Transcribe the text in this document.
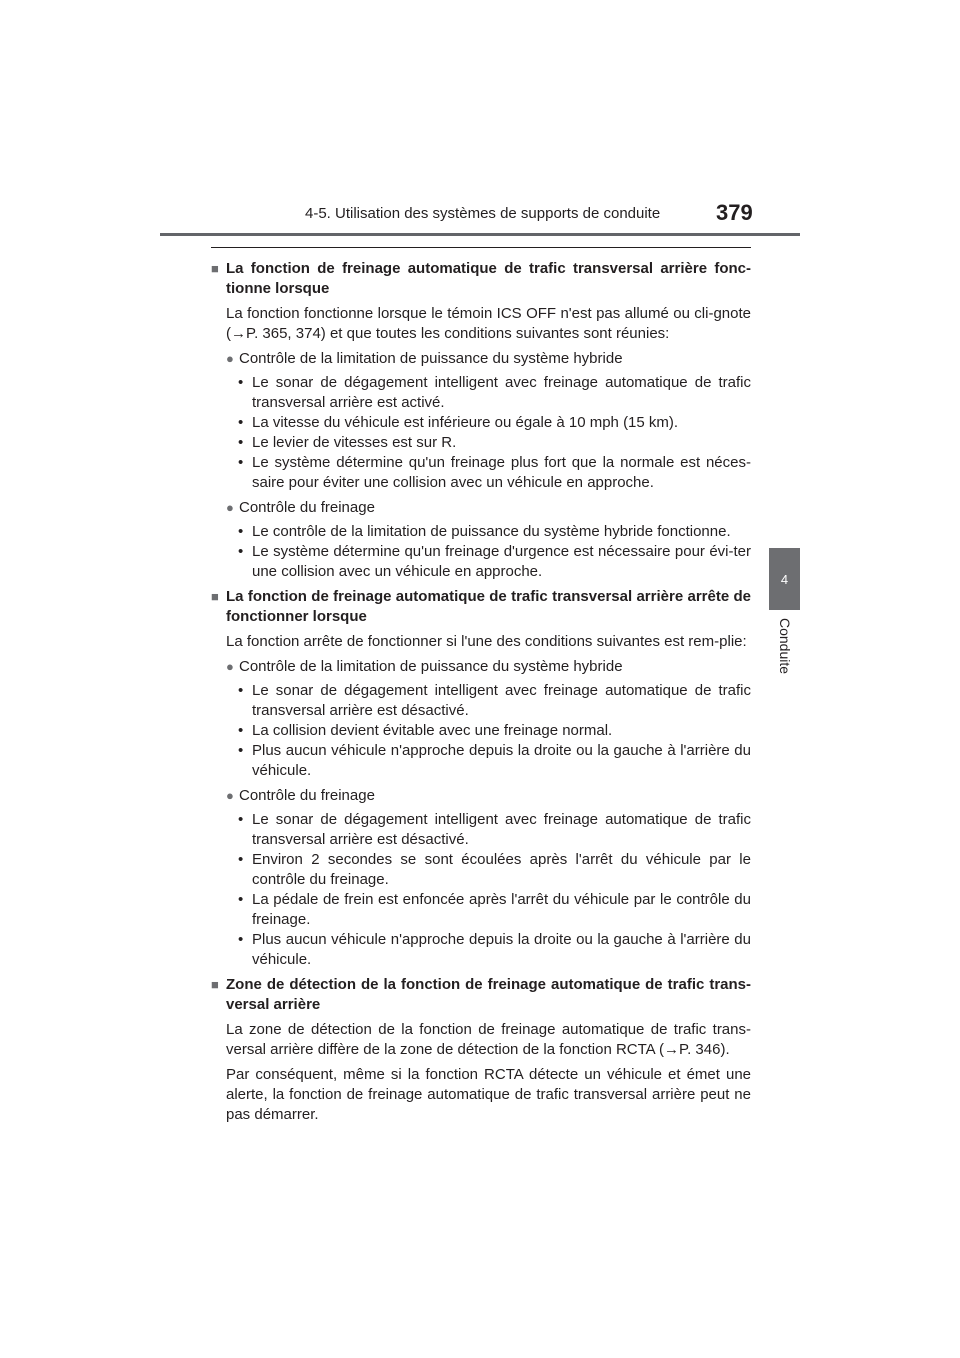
4-5. Utilisation des systèmes de supports de conduite	379
4
Conduite
■ La fonction de freinage automatique de trafic transversal arrière fonc-tionne lorsque
La fonction fonctionne lorsque le témoin ICS OFF n'est pas allumé ou cli-gnote (→P. 365, 374) et que toutes les conditions suivantes sont réunies:
● Contrôle de la limitation de puissance du système hybride
• Le sonar de dégagement intelligent avec freinage automatique de trafic transversal arrière est activé.
• La vitesse du véhicule est inférieure ou égale à 10 mph (15 km).
• Le levier de vitesses est sur R.
• Le système détermine qu'un freinage plus fort que la normale est néces-saire pour éviter une collision avec un véhicule en approche.
● Contrôle du freinage
• Le contrôle de la limitation de puissance du système hybride fonctionne.
• Le système détermine qu'un freinage d'urgence est nécessaire pour évi-ter une collision avec un véhicule en approche.
■ La fonction de freinage automatique de trafic transversal arrière arrête de fonctionner lorsque
La fonction arrête de fonctionner si l'une des conditions suivantes est rem-plie:
● Contrôle de la limitation de puissance du système hybride
• Le sonar de dégagement intelligent avec freinage automatique de trafic transversal arrière est désactivé.
• La collision devient évitable avec une freinage normal.
• Plus aucun véhicule n'approche depuis la droite ou la gauche à l'arrière du véhicule.
● Contrôle du freinage
• Le sonar de dégagement intelligent avec freinage automatique de trafic transversal arrière est désactivé.
• Environ 2 secondes se sont écoulées après l'arrêt du véhicule par le contrôle du freinage.
• La pédale de frein est enfoncée après l'arrêt du véhicule par le contrôle du freinage.
• Plus aucun véhicule n'approche depuis la droite ou la gauche à l'arrière du véhicule.
■ Zone de détection de la fonction de freinage automatique de trafic trans-versal arrière
La zone de détection de la fonction de freinage automatique de trafic trans-versal arrière diffère de la zone de détection de la fonction RCTA (→P. 346).
Par conséquent, même si la fonction RCTA détecte un véhicule et émet une alerte, la fonction de freinage automatique de trafic transversal arrière peut ne pas démarrer.
